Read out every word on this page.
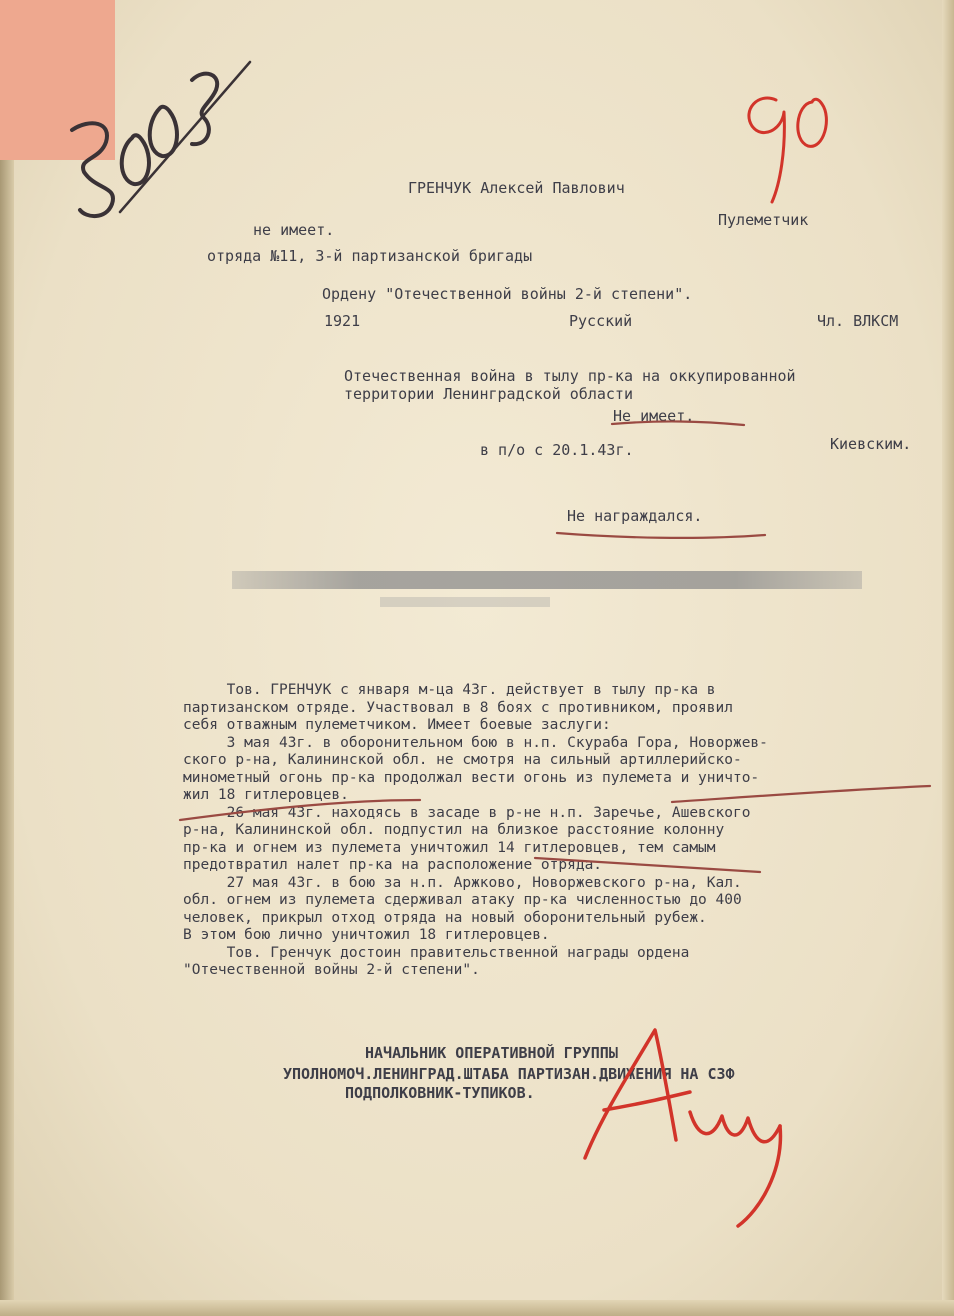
ГРЕНЧУК Алексей Павлович
Пулеметчик
не имеет.
отряда №11, 3-й партизанской бригады
Ордену "Отечественной войны 2-й степени".
1921	Русский	Чл. ВЛКСМ
Отечественная война в тылу пр-ка на оккупированной
территории Ленинградской области
Не имеет.
в п/о с 20.1.43г.	Киевским.
Не награждался.
Тов. ГРЕНЧУК с января м-ца 43г. действует в тылу пр-ка в
партизанском отряде. Участвовал в 8 боях с противником, проявил
себя отважным пулеметчиком. Имеет боевые заслуги:
3 мая 43г. в оборонительном бою в н.п. Скураба Гора, Новоржев-
ского р-на, Калининской обл. не смотря на сильный артиллерийско-
минометный огонь пр-ка продолжал вести огонь из пулемета и уничто-
жил 18 гитлеровцев.
26 мая 43г. находясь в засаде в р-не н.п. Заречье, Ашевского
р-на, Калининской обл. подпустил на близкое расстояние колонну
пр-ка и огнем из пулемета уничтожил 14 гитлеровцев, тем самым
предотвратил налет пр-ка на расположение отряда.
27 мая 43г. в бою за н.п. Аржково, Новоржевского р-на, Кал.
обл. огнем из пулемета сдерживал атаку пр-ка численностью до 400
человек, прикрыл отход отряда на новый оборонительный рубеж.
В этом бою лично уничтожил 18 гитлеровцев.
Тов. Гренчук достоин правительственной награды ордена
"Отечественной войны 2-й степени".
НАЧАЛЬНИК ОПЕРАТИВНОЙ ГРУППЫ
УПОЛНОМОЧ.ЛЕНИНГРАД.ШТАБА ПАРТИЗАН.ДВИЖЕНИЯ НА СЗФ
ПОДПОЛКОВНИК-ТУПИКОВ.
